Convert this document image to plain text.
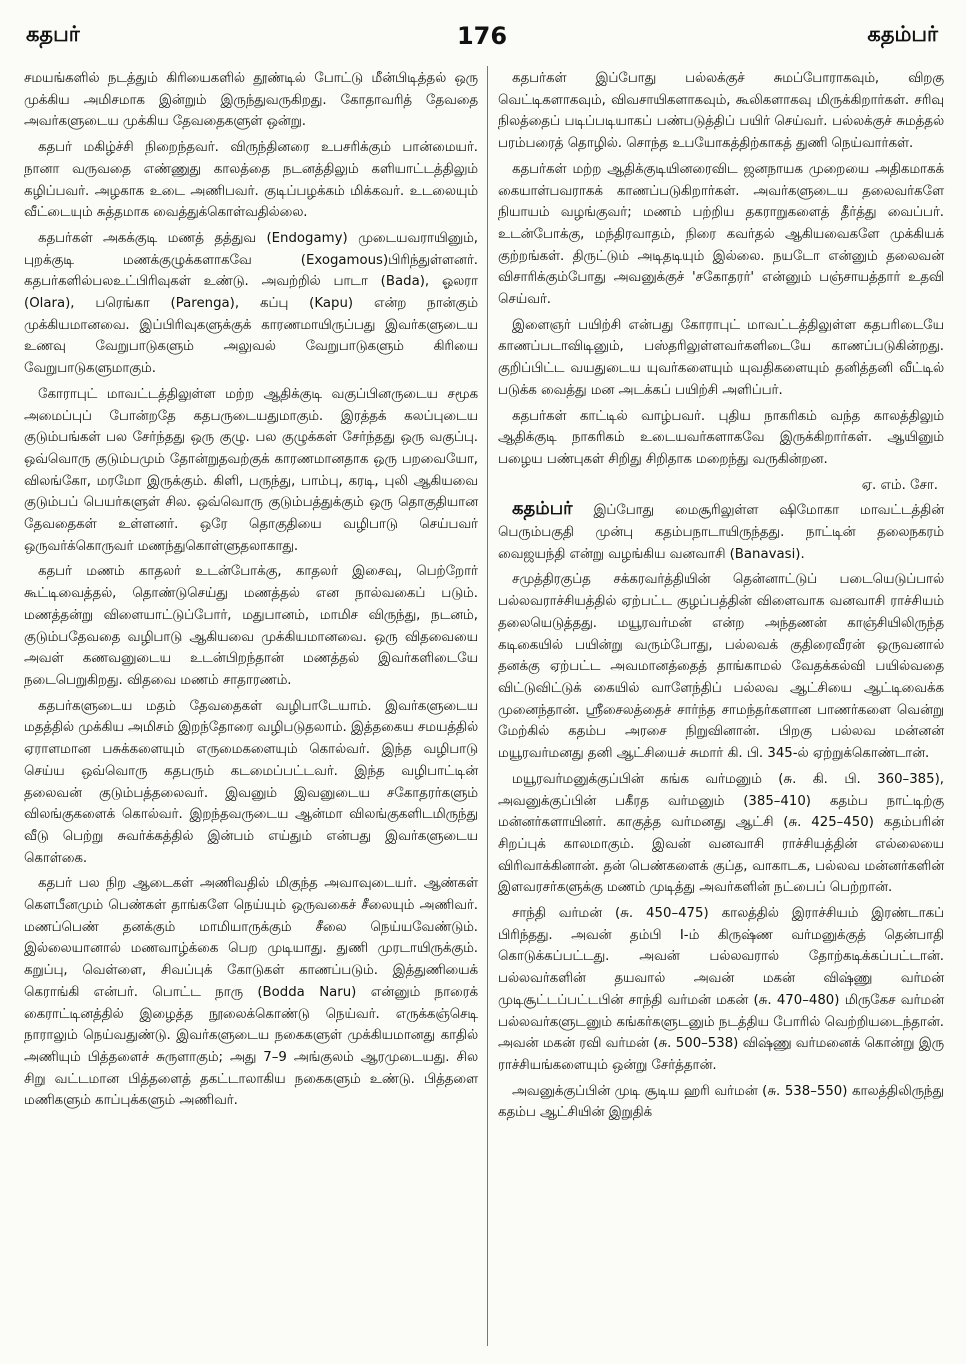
கதபர்	176	கதம்பர்

சமயங்களில் நடத்தும் கிரியைகளில் தூண்டில் போட்டு மீன்பிடித்தல் ஒரு முக்கிய அமிசமாக இன்றும் இருந்துவருகிறது. கோதாவரித் தேவதை அவர்களுடைய முக்கிய தேவதைகளுள் ஒன்று.

கதபர் மகிழ்ச்சி நிறைந்தவர். விருந்தினரை உபசரிக்கும் பான்மையர். நானா வருவதை எண்ணுது காலத்தை நடனத்திலும் களியாட்டத்திலும் கழிப்பவர். அழகாக உடை அணிபவர். குடிப்பழக்கம் மிக்கவர். உடலையும் வீட்டையும் சுத்தமாக வைத்துக்கொள்வதில்லை.

கதபர்கள் அகக்குடி மணத் தத்துவ (Endogamy) முடையவராயினும், புறக்குடி மணக்குழுக்களாகவே (Exogamous)பிரிந்துள்ளனர். கதபர்களில்பலஉட்பிரிவுகள் உண்டு. அவற்றில் பாடா (Bada), ஓலரா (Olara), பரெங்கா (Parenga), கப்பு (Kapu) என்ற நான்கும் முக்கியமானவை. இப்பிரிவுகளுக்குக் காரணமாயிருப்பது இவர்களுடைய உணவு வேறுபாடுகளும் அலுவல் வேறுபாடுகளும் கிரியை வேறுபாடுகளுமாகும்.

கோராபுட் மாவட்டத்திலுள்ள மற்ற ஆதிக்குடி வகுப்பினருடைய சமூக அமைப்புப் போன்றதே கதபருடையதுமாகும். இரத்தக் கலப்புடைய குடும்பங்கள் பல சேர்ந்தது ஒரு குழு. பல குழுக்கள் சேர்ந்தது ஒரு வகுப்பு. ஒவ்வொரு குடும்பமும் தோன்றுதவற்குக் காரணமானதாக ஒரு பறவையோ, விலங்கோ, மரமோ இருக்கும். கிளி, பருந்து, பாம்பு, கரடி, புலி ஆகியவை குடும்பப் பெயர்களுள் சில. ஒவ்வொரு குடும்பத்துக்கும் ஒரு தொகுதியான தேவதைகள் உள்ளனர். ஒரே தொகுதியை வழிபாடு செய்பவர் ஒருவர்க்கொருவர் மணந்துகொள்ளுதலாகாது.

கதபர் மணம் காதலர் உடன்போக்கு, காதலர் இசைவு, பெற்றோர் கூட்டிவைத்தல், தொண்டுசெய்து மணத்தல் என நால்வகைப் படும். மணத்தன்று விளையாட்டுப்போர், மதுபானம், மாமிச விருந்து, நடனம், குடும்பதேவதை வழிபாடு ஆகியவை முக்கியமானவை. ஒரு விதவையை அவள் கணவனுடைய உடன்பிறந்தான் மணத்தல் இவர்களிடையே நடைபெறுகிறது. விதவை மணம் சாதாரணம்.

கதபர்களுடைய மதம் தேவதைகள் வழிபாடேயாம். இவர்களுடைய மதத்தில் முக்கிய அமிசம் இறந்தோரை வழிபடுதலாம். இத்தகைய சமயத்தில் ஏராளமான பசுக்களையும் எருமைகளையும் கொல்வர். இந்த வழிபாடு செய்ய ஒவ்வொரு கதபரும் கடமைப்பட்டவர். இந்த வழிபாட்டின் தலைவன் குடும்பத்தலைவர். இவனும் இவனுடைய சகோதரர்களும் விலங்குகளைக் கொல்வர். இறந்தவருடைய ஆன்மா விலங்குகளிடமிருந்து வீடு பெற்று சுவர்க்கத்தில் இன்பம் எய்தும் என்பது இவர்களுடைய கொள்கை.

கதபர் பல நிற ஆடைகள் அணிவதில் மிகுந்த அவாவுடையர். ஆண்கள் கௌபீனமும் பெண்கள் தாங்களே நெய்யும் ஒருவகைச் சீலையும் அணிவர். மணப்பெண் தனக்கும் மாமியாருக்கும் சீலை நெய்யவேண்டும். இல்லையானால் மணவாழ்க்கை பெற முடியாது. துணி முரடாயிருக்கும். கறுப்பு, வெள்ளை, சிவப்புக் கோடுகள் காணப்படும். இத்துணியைக் கெராங்கி என்பர். பொட்ட நாரு (Bodda Naru) என்னும் நாரைக் கைராட்டினத்தில் இழைத்த நூலைக்கொண்டு நெய்வர். எருக்கஞ்செடி நாராலும் நெய்வதுண்டு. இவர்களுடைய நகைகளுள் முக்கியமானது காதில் அணியும் பித்தளைச் சுருளாகும்; அது 7–9 அங்குலம் ஆரமுடையது. சில சிறு வட்டமான பித்தளைத் தகட்டாலாகிய நகைகளும் உண்டு. பித்தளை மணிகளும் காப்புக்களும் அணிவர்.

கதபர்கள் இப்போது பல்லக்குச் சுமப்போராகவும், விறகு வெட்டிகளாகவும், விவசாயிகளாகவும், கூலிகளாகவு மிருக்கிறார்கள். சரிவு நிலத்தைப் படிப்படியாகப் பண்படுத்திப் பயிர் செய்வர். பல்லக்குச் சுமத்தல் பரம்பரைத் தொழில். சொந்த உபயோகத்திற்காகத் துணி நெய்வார்கள்.

கதபர்கள் மற்ற ஆதிக்குடியினரைவிட ஜனநாயக முறையை அதிகமாகக் கையாள்பவராகக் காணப்படுகிறார்கள். அவர்களுடைய தலைவர்களே நியாயம் வழங்குவர்; மணம் பற்றிய தகராறுகளைத் தீர்த்து வைப்பர். உடன்போக்கு, மந்திரவாதம், நிரை கவர்தல் ஆகியவைகளே முக்கியக் குற்றங்கள். திருட்டும் அடிதடியும் இல்லை. நயடோ என்னும் தலைவன் விசாரிக்கும்போது அவனுக்குச் 'சகோதரர்' என்னும் பஞ்சாயத்தார் உதவி செய்வர்.

இளைஞர் பயிற்சி என்பது கோராபுட் மாவட்டத்திலுள்ள கதபரிடையே காணப்படாவிடினும், பஸ்தரிலுள்ளவர்களிடையே காணப்படுகின்றது. குறிப்பிட்ட வயதுடைய யுவர்களையும் யுவதிகளையும் தனித்தனி வீட்டில் படுக்க வைத்து மன அடக்கப் பயிற்சி அளிப்பர்.

கதபர்கள் காட்டில் வாழ்பவர். புதிய நாகரிகம் வந்த காலத்திலும் ஆதிக்குடி நாகரிகம் உடையவர்களாகவே இருக்கிறார்கள். ஆயினும் பழைய பண்புகள் சிறிது சிறிதாக மறைந்து வருகின்றன.

ஏ. எம். சோ.

கதம்பர் இப்போது மைசூரிலுள்ள ஷிமோகா மாவட்டத்தின் பெரும்பகுதி முன்பு கதம்பநாடாயிருந்தது. நாட்டின் தலைநகரம் வைஜயந்தி என்று வழங்கிய வனவாசி (Banavasi).

சமுத்திரகுப்த சக்கரவர்த்தியின் தென்னாட்டுப் படையெடுப்பால் பல்லவராச்சியத்தில் ஏற்பட்ட குழப்பத்தின் விளைவாக வனவாசி ராச்சியம் தலையெடுத்தது. மயூரவர்மன் என்ற அந்தணன் காஞ்சியிலிருந்த கடிகையில் பயின்று வரும்போது, பல்லவக் குதிரைவீரன் ஒருவனால் தனக்கு ஏற்பட்ட அவமானத்தைத் தாங்காமல் வேதக்கல்வி பயில்வதை விட்டுவிட்டுக் கையில் வாளேந்திப் பல்லவ ஆட்சியை ஆட்டிவைக்க முனைந்தான். ஸ்ரீசைலத்தைச் சார்ந்த சாமந்தர்களான பாணர்களை வென்று மேற்கில் கதம்ப அரசை நிறுவினான். பிறகு பல்லவ மன்னன் மயூரவர்மனது தனி ஆட்சியைச் சுமார் கி. பி. 345-ல் ஏற்றுக்கொண்டான்.

மயூரவர்மனுக்குப்பின் கங்க வர்மனும் (சு. கி. பி. 360–385), அவனுக்குப்பின் பகீரத வர்மனும் (385–410) கதம்ப நாட்டிற்கு மன்னர்களாயினர். காகுத்த வர்மனது ஆட்சி (சு. 425–450) கதம்பரின் சிறப்புக் காலமாகும். இவன் வனவாசி ராச்சியத்தின் எல்லையை விரிவாக்கினான். தன் பெண்களைக் குப்த, வாகாடக, பல்லவ மன்னர்களின் இளவரசர்களுக்கு மணம் முடித்து அவர்களின் நட்பைப் பெற்றான்.

சாந்தி வர்மன் (சு. 450–475) காலத்தில் இராச்சியம் இரண்டாகப் பிரிந்தது. அவன் தம்பி I-ம் கிருஷ்ண வர்மனுக்குத் தென்பாதி கொடுக்கப்பட்டது. அவன் பல்லவரால் தோற்கடிக்கப்பட்டான். பல்லவர்களின் தயவால் அவன் மகன் விஷ்ணு வர்மன் முடிசூட்டப்பட்டபின் சாந்தி வர்மன் மகன் (சு. 470–480) மிருகேச வர்மன் பல்லவர்களுடனும் கங்கர்களுடனும் நடத்திய போரில் வெற்றியடைந்தான். அவன் மகன் ரவி வர்மன் (சு. 500–538) விஷ்ணு வர்மனைக் கொன்று இரு ராச்சியங்களையும் ஒன்று சேர்த்தான்.

அவனுக்குப்பின் முடி சூடிய ஹரி வர்மன் (சு. 538–550) காலத்திலிருந்து கதம்ப ஆட்சியின் இறுதிக்
